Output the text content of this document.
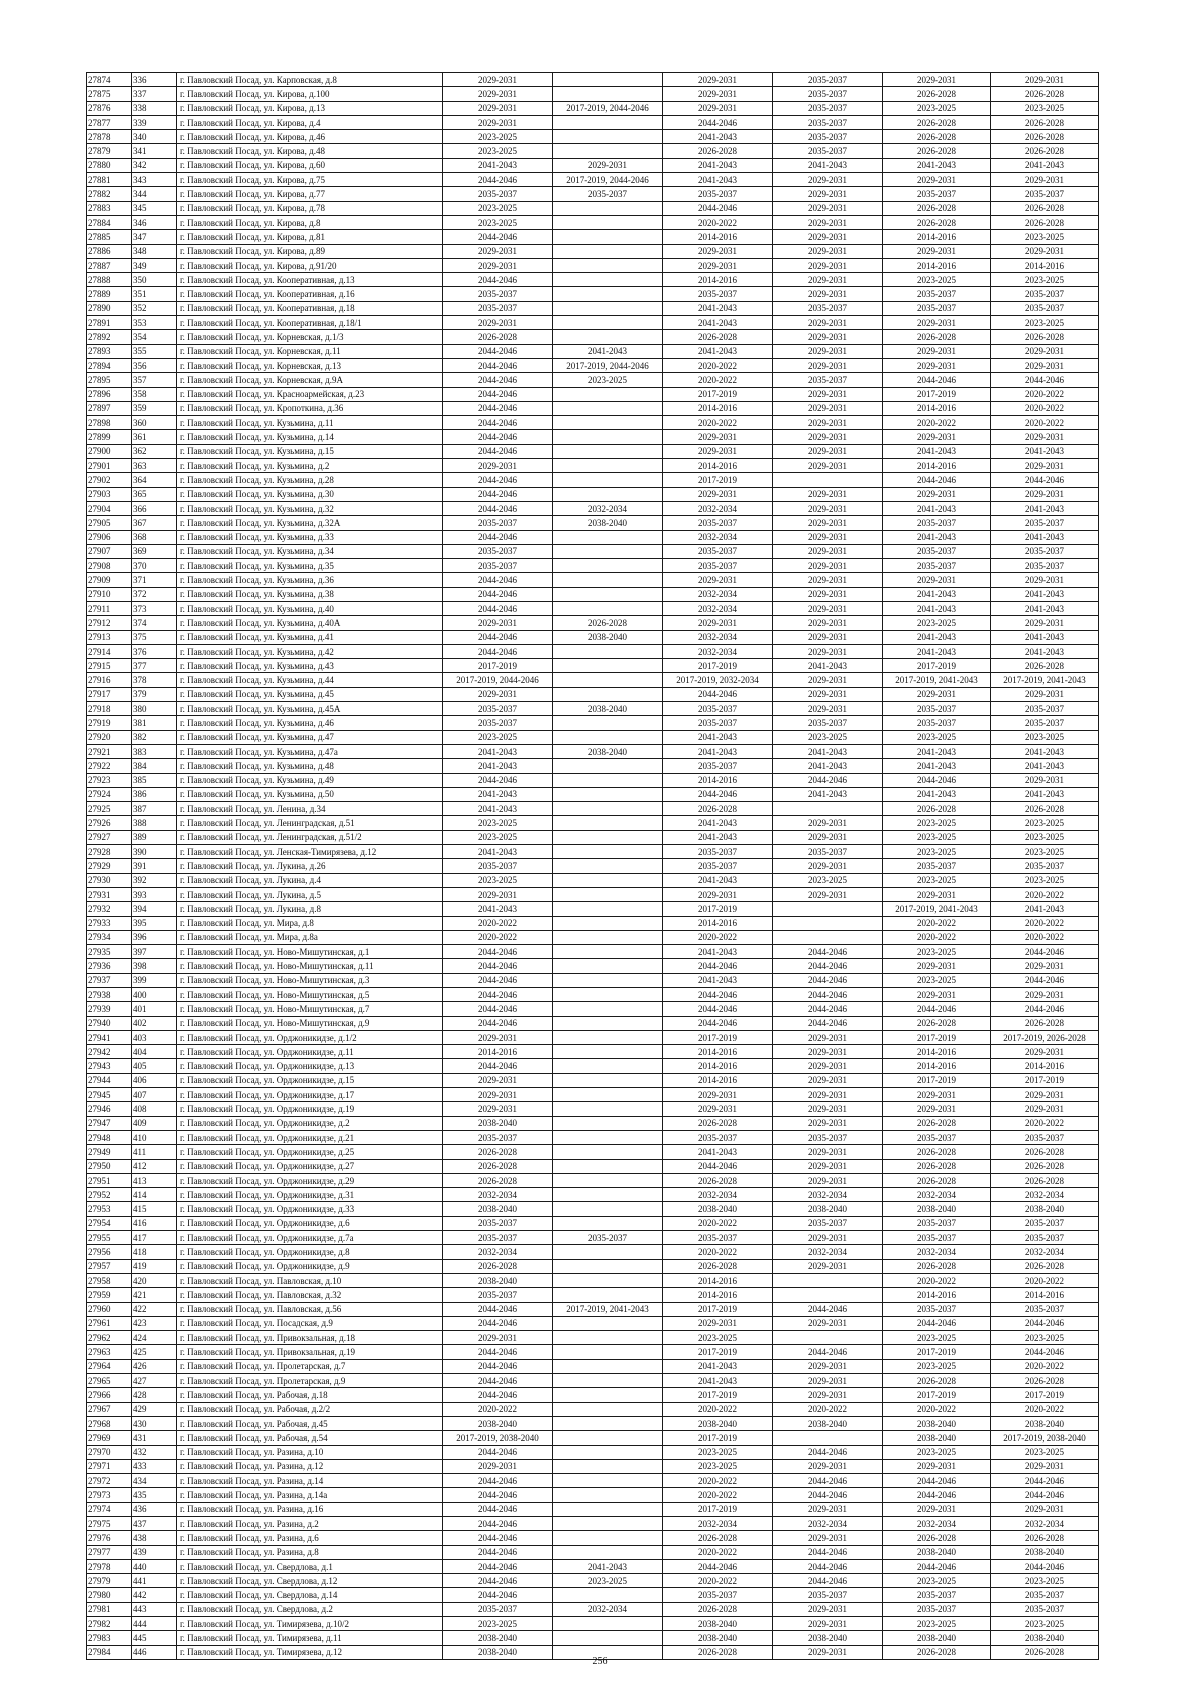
27874	336	г. Павловский Посад, ул. Карповская, д.8	2029-2031		2029-2031	2035-2037	2029-2031	2029-2031
27875	337	г. Павловский Посад, ул. Кирова, д.100	2029-2031		2029-2031	2035-2037	2026-2028	2026-2028
27876	338	г. Павловский Посад, ул. Кирова, д.13	2029-2031	2017-2019, 2044-2046	2029-2031	2035-2037	2023-2025	2023-2025
27877	339	г. Павловский Посад, ул. Кирова, д.4	2029-2031		2044-2046	2035-2037	2026-2028	2026-2028
27878	340	г. Павловский Посад, ул. Кирова, д.46	2023-2025		2041-2043	2035-2037	2026-2028	2026-2028
27879	341	г. Павловский Посад, ул. Кирова, д.48	2023-2025		2026-2028	2035-2037	2026-2028	2026-2028
27880	342	г. Павловский Посад, ул. Кирова, д.60	2041-2043	2029-2031	2041-2043	2041-2043	2041-2043	2041-2043
27881	343	г. Павловский Посад, ул. Кирова, д.75	2044-2046	2017-2019, 2044-2046	2041-2043	2029-2031	2029-2031	2029-2031
27882	344	г. Павловский Посад, ул. Кирова, д.77	2035-2037	2035-2037	2035-2037	2029-2031	2035-2037	2035-2037
27883	345	г. Павловский Посад, ул. Кирова, д.78	2023-2025		2044-2046	2029-2031	2026-2028	2026-2028
27884	346	г. Павловский Посад, ул. Кирова, д.8	2023-2025		2020-2022	2029-2031	2026-2028	2026-2028
27885	347	г. Павловский Посад, ул. Кирова, д.81	2044-2046		2014-2016	2029-2031	2014-2016	2023-2025
27886	348	г. Павловский Посад, ул. Кирова, д.89	2029-2031		2029-2031	2029-2031	2029-2031	2029-2031
27887	349	г. Павловский Посад, ул. Кирова, д.91/20	2029-2031		2029-2031	2029-2031	2014-2016	2014-2016
27888	350	г. Павловский Посад, ул. Кооперативная, д.13	2044-2046		2014-2016	2029-2031	2023-2025	2023-2025
27889	351	г. Павловский Посад, ул. Кооперативная, д.16	2035-2037		2035-2037	2029-2031	2035-2037	2035-2037
27890	352	г. Павловский Посад, ул. Кооперативная, д.18	2035-2037		2041-2043	2035-2037	2035-2037	2035-2037
27891	353	г. Павловский Посад, ул. Кооперативная, д.18/1	2029-2031		2041-2043	2029-2031	2029-2031	2023-2025
27892	354	г. Павловский Посад, ул. Корневская, д.1/3	2026-2028		2026-2028	2029-2031	2026-2028	2026-2028
27893	355	г. Павловский Посад, ул. Корневская, д.11	2044-2046	2041-2043	2041-2043	2029-2031	2029-2031	2029-2031
27894	356	г. Павловский Посад, ул. Корневская, д.13	2044-2046	2017-2019, 2044-2046	2020-2022	2029-2031	2029-2031	2029-2031
27895	357	г. Павловский Посад, ул. Корневская, д.9А	2044-2046	2023-2025	2020-2022	2035-2037	2044-2046	2044-2046
27896	358	г. Павловский Посад, ул. Красноармейская, д.23	2044-2046		2017-2019	2029-2031	2017-2019	2020-2022
27897	359	г. Павловский Посад, ул. Кропоткина, д.36	2044-2046		2014-2016	2029-2031	2014-2016	2020-2022
27898	360	г. Павловский Посад, ул. Кузьмина, д.11	2044-2046		2020-2022	2029-2031	2020-2022	2020-2022
27899	361	г. Павловский Посад, ул. Кузьмина, д.14	2044-2046		2029-2031	2029-2031	2029-2031	2029-2031
27900	362	г. Павловский Посад, ул. Кузьмина, д.15	2044-2046		2029-2031	2029-2031	2041-2043	2041-2043
27901	363	г. Павловский Посад, ул. Кузьмина, д.2	2029-2031		2014-2016	2029-2031	2014-2016	2029-2031
27902	364	г. Павловский Посад, ул. Кузьмина, д.28	2044-2046		2017-2019		2044-2046	2044-2046
27903	365	г. Павловский Посад, ул. Кузьмина, д.30	2044-2046		2029-2031	2029-2031	2029-2031	2029-2031
27904	366	г. Павловский Посад, ул. Кузьмина, д.32	2044-2046	2032-2034	2032-2034	2029-2031	2041-2043	2041-2043
27905	367	г. Павловский Посад, ул. Кузьмина, д.32А	2035-2037	2038-2040	2035-2037	2029-2031	2035-2037	2035-2037
27906	368	г. Павловский Посад, ул. Кузьмина, д.33	2044-2046		2032-2034	2029-2031	2041-2043	2041-2043
27907	369	г. Павловский Посад, ул. Кузьмина, д.34	2035-2037		2035-2037	2029-2031	2035-2037	2035-2037
27908	370	г. Павловский Посад, ул. Кузьмина, д.35	2035-2037		2035-2037	2029-2031	2035-2037	2035-2037
27909	371	г. Павловский Посад, ул. Кузьмина, д.36	2044-2046		2029-2031	2029-2031	2029-2031	2029-2031
27910	372	г. Павловский Посад, ул. Кузьмина, д.38	2044-2046		2032-2034	2029-2031	2041-2043	2041-2043
27911	373	г. Павловский Посад, ул. Кузьмина, д.40	2044-2046		2032-2034	2029-2031	2041-2043	2041-2043
27912	374	г. Павловский Посад, ул. Кузьмина, д.40А	2029-2031	2026-2028	2029-2031	2029-2031	2023-2025	2029-2031
27913	375	г. Павловский Посад, ул. Кузьмина, д.41	2044-2046	2038-2040	2032-2034	2029-2031	2041-2043	2041-2043
27914	376	г. Павловский Посад, ул. Кузьмина, д.42	2044-2046		2032-2034	2029-2031	2041-2043	2041-2043
27915	377	г. Павловский Посад, ул. Кузьмина, д.43	2017-2019		2017-2019	2041-2043	2017-2019	2026-2028
27916	378	г. Павловский Посад, ул. Кузьмина, д.44	2017-2019, 2044-2046		2017-2019, 2032-2034	2029-2031	2017-2019, 2041-2043	2017-2019, 2041-2043
27917	379	г. Павловский Посад, ул. Кузьмина, д.45	2029-2031		2044-2046	2029-2031	2029-2031	2029-2031
27918	380	г. Павловский Посад, ул. Кузьмина, д.45А	2035-2037	2038-2040	2035-2037	2029-2031	2035-2037	2035-2037
27919	381	г. Павловский Посад, ул. Кузьмина, д.46	2035-2037		2035-2037	2035-2037	2035-2037	2035-2037
27920	382	г. Павловский Посад, ул. Кузьмина, д.47	2023-2025		2041-2043	2023-2025	2023-2025	2023-2025
27921	383	г. Павловский Посад, ул. Кузьмина, д.47а	2041-2043	2038-2040	2041-2043	2041-2043	2041-2043	2041-2043
27922	384	г. Павловский Посад, ул. Кузьмина, д.48	2041-2043		2035-2037	2041-2043	2041-2043	2041-2043
27923	385	г. Павловский Посад, ул. Кузьмина, д.49	2044-2046		2014-2016	2044-2046	2044-2046	2029-2031
27924	386	г. Павловский Посад, ул. Кузьмина, д.50	2041-2043		2044-2046	2041-2043	2041-2043	2041-2043
27925	387	г. Павловский Посад, ул. Ленина, д.34	2041-2043		2026-2028		2026-2028	2026-2028
27926	388	г. Павловский Посад, ул. Ленинградская, д.51	2023-2025		2041-2043	2029-2031	2023-2025	2023-2025
27927	389	г. Павловский Посад, ул. Ленинградская, д.51/2	2023-2025		2041-2043	2029-2031	2023-2025	2023-2025
27928	390	г. Павловский Посад, ул. Ленская-Тимирязева, д.12	2041-2043		2035-2037	2035-2037	2023-2025	2023-2025
27929	391	г. Павловский Посад, ул. Лукина, д.26	2035-2037		2035-2037	2029-2031	2035-2037	2035-2037
27930	392	г. Павловский Посад, ул. Лукина, д.4	2023-2025		2041-2043	2023-2025	2023-2025	2023-2025
27931	393	г. Павловский Посад, ул. Лукина, д.5	2029-2031		2029-2031	2029-2031	2029-2031	2020-2022
27932	394	г. Павловский Посад, ул. Лукина, д.8	2041-2043		2017-2019		2017-2019, 2041-2043	2041-2043
27933	395	г. Павловский Посад, ул. Мира, д.8	2020-2022		2014-2016		2020-2022	2020-2022
27934	396	г. Павловский Посад, ул. Мира, д.8а	2020-2022		2020-2022		2020-2022	2020-2022
27935	397	г. Павловский Посад, ул. Ново-Мишутинская, д.1	2044-2046		2041-2043	2044-2046	2023-2025	2044-2046
27936	398	г. Павловский Посад, ул. Ново-Мишутинская, д.11	2044-2046		2044-2046	2044-2046	2029-2031	2029-2031
27937	399	г. Павловский Посад, ул. Ново-Мишутинская, д.3	2044-2046		2041-2043	2044-2046	2023-2025	2044-2046
27938	400	г. Павловский Посад, ул. Ново-Мишутинская, д.5	2044-2046		2044-2046	2044-2046	2029-2031	2029-2031
27939	401	г. Павловский Посад, ул. Ново-Мишутинская, д.7	2044-2046		2044-2046	2044-2046	2044-2046	2044-2046
27940	402	г. Павловский Посад, ул. Ново-Мишутинская, д.9	2044-2046		2044-2046	2044-2046	2026-2028	2026-2028
27941	403	г. Павловский Посад, ул. Орджоникидзе, д.1/2	2029-2031		2017-2019	2029-2031	2017-2019	2017-2019, 2026-2028
27942	404	г. Павловский Посад, ул. Орджоникидзе, д.11	2014-2016		2014-2016	2029-2031	2014-2016	2029-2031
27943	405	г. Павловский Посад, ул. Орджоникидзе, д.13	2044-2046		2014-2016	2029-2031	2014-2016	2014-2016
27944	406	г. Павловский Посад, ул. Орджоникидзе, д.15	2029-2031		2014-2016	2029-2031	2017-2019	2017-2019
27945	407	г. Павловский Посад, ул. Орджоникидзе, д.17	2029-2031		2029-2031	2029-2031	2029-2031	2029-2031
27946	408	г. Павловский Посад, ул. Орджоникидзе, д.19	2029-2031		2029-2031	2029-2031	2029-2031	2029-2031
27947	409	г. Павловский Посад, ул. Орджоникидзе, д.2	2038-2040		2026-2028	2029-2031	2026-2028	2020-2022
27948	410	г. Павловский Посад, ул. Орджоникидзе, д.21	2035-2037		2035-2037	2035-2037	2035-2037	2035-2037
27949	411	г. Павловский Посад, ул. Орджоникидзе, д.25	2026-2028		2041-2043	2029-2031	2026-2028	2026-2028
27950	412	г. Павловский Посад, ул. Орджоникидзе, д.27	2026-2028		2044-2046	2029-2031	2026-2028	2026-2028
27951	413	г. Павловский Посад, ул. Орджоникидзе, д.29	2026-2028		2026-2028	2029-2031	2026-2028	2026-2028
27952	414	г. Павловский Посад, ул. Орджоникидзе, д.31	2032-2034		2032-2034	2032-2034	2032-2034	2032-2034
27953	415	г. Павловский Посад, ул. Орджоникидзе, д.33	2038-2040		2038-2040	2038-2040	2038-2040	2038-2040
27954	416	г. Павловский Посад, ул. Орджоникидзе, д.6	2035-2037		2020-2022	2035-2037	2035-2037	2035-2037
27955	417	г. Павловский Посад, ул. Орджоникидзе, д.7а	2035-2037	2035-2037	2035-2037	2029-2031	2035-2037	2035-2037
27956	418	г. Павловский Посад, ул. Орджоникидзе, д.8	2032-2034		2020-2022	2032-2034	2032-2034	2032-2034
27957	419	г. Павловский Посад, ул. Орджоникидзе, д.9	2026-2028		2026-2028	2029-2031	2026-2028	2026-2028
27958	420	г. Павловский Посад, ул. Павловская, д.10	2038-2040		2014-2016		2020-2022	2020-2022
27959	421	г. Павловский Посад, ул. Павловская, д.32	2035-2037		2014-2016		2014-2016	2014-2016
27960	422	г. Павловский Посад, ул. Павловская, д.56	2044-2046	2017-2019, 2041-2043	2017-2019	2044-2046	2035-2037	2035-2037
27961	423	г. Павловский Посад, ул. Посадская, д.9	2044-2046		2029-2031	2029-2031	2044-2046	2044-2046
27962	424	г. Павловский Посад, ул. Привокзальная, д.18	2029-2031		2023-2025		2023-2025	2023-2025
27963	425	г. Павловский Посад, ул. Привокзальная, д.19	2044-2046		2017-2019	2044-2046	2017-2019	2044-2046
27964	426	г. Павловский Посад, ул. Пролетарская, д.7	2044-2046		2041-2043	2029-2031	2023-2025	2020-2022
27965	427	г. Павловский Посад, ул. Пролетарская, д.9	2044-2046		2041-2043	2029-2031	2026-2028	2026-2028
27966	428	г. Павловский Посад, ул. Рабочая, д.18	2044-2046		2017-2019	2029-2031	2017-2019	2017-2019
27967	429	г. Павловский Посад, ул. Рабочая, д.2/2	2020-2022		2020-2022	2020-2022	2020-2022	2020-2022
27968	430	г. Павловский Посад, ул. Рабочая, д.45	2038-2040		2038-2040	2038-2040	2038-2040	2038-2040
27969	431	г. Павловский Посад, ул. Рабочая, д.54	2017-2019, 2038-2040		2017-2019		2038-2040	2017-2019, 2038-2040
27970	432	г. Павловский Посад, ул. Разина, д.10	2044-2046		2023-2025	2044-2046	2023-2025	2023-2025
27971	433	г. Павловский Посад, ул. Разина, д.12	2029-2031		2023-2025	2029-2031	2029-2031	2029-2031
27972	434	г. Павловский Посад, ул. Разина, д.14	2044-2046		2020-2022	2044-2046	2044-2046	2044-2046
27973	435	г. Павловский Посад, ул. Разина, д.14а	2044-2046		2020-2022	2044-2046	2044-2046	2044-2046
27974	436	г. Павловский Посад, ул. Разина, д.16	2044-2046		2017-2019	2029-2031	2029-2031	2029-2031
27975	437	г. Павловский Посад, ул. Разина, д.2	2044-2046		2032-2034	2032-2034	2032-2034	2032-2034
27976	438	г. Павловский Посад, ул. Разина, д.6	2044-2046		2026-2028	2029-2031	2026-2028	2026-2028
27977	439	г. Павловский Посад, ул. Разина, д.8	2044-2046		2020-2022	2044-2046	2038-2040	2038-2040
27978	440	г. Павловский Посад, ул. Свердлова, д.1	2044-2046	2041-2043	2044-2046	2044-2046	2044-2046	2044-2046
27979	441	г. Павловский Посад, ул. Свердлова, д.12	2044-2046	2023-2025	2020-2022	2044-2046	2023-2025	2023-2025
27980	442	г. Павловский Посад, ул. Свердлова, д.14	2044-2046		2035-2037	2035-2037	2035-2037	2035-2037
27981	443	г. Павловский Посад, ул. Свердлова, д.2	2035-2037	2032-2034	2026-2028	2029-2031	2035-2037	2035-2037
27982	444	г. Павловский Посад, ул. Тимирязева, д.10/2	2023-2025		2038-2040	2029-2031	2023-2025	2023-2025
27983	445	г. Павловский Посад, ул. Тимирязева, д.11	2038-2040		2038-2040	2038-2040	2038-2040	2038-2040
27984	446	г. Павловский Посад, ул. Тимирязева, д.12	2038-2040		2026-2028	2029-2031	2026-2028	2026-2028
256
